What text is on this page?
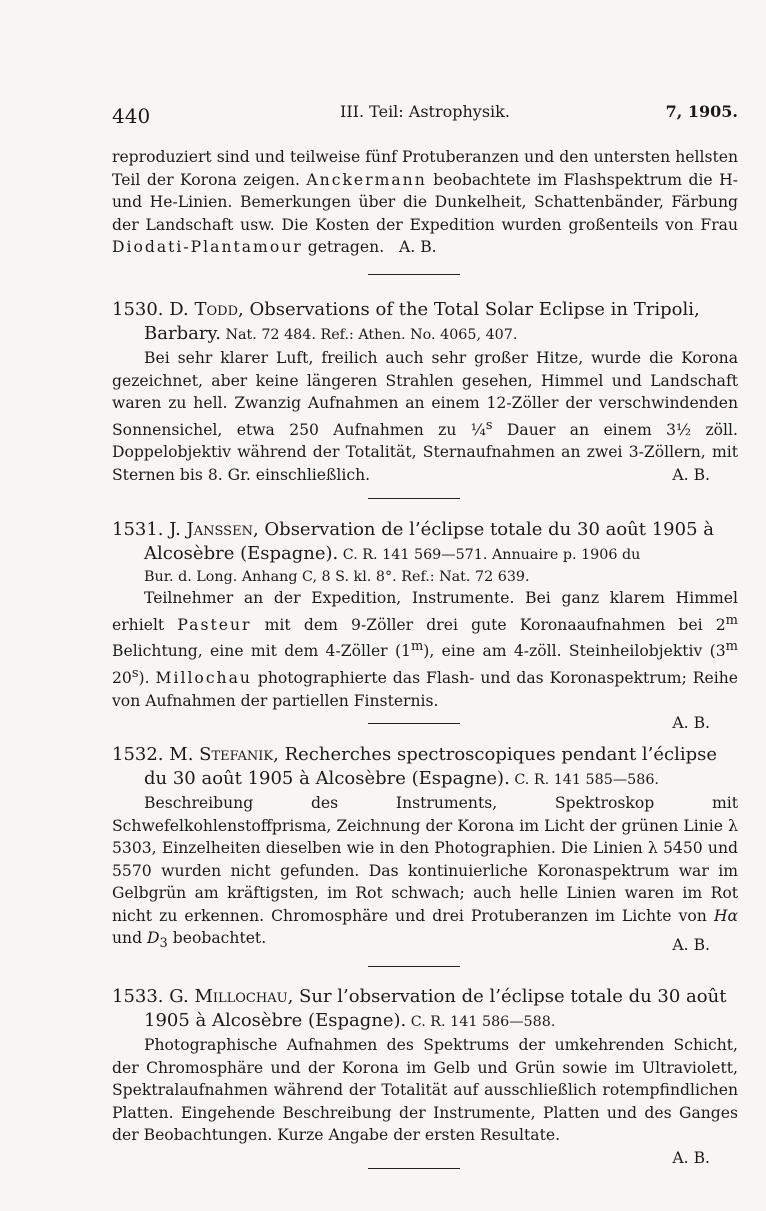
440	III. Teil: Astrophysik.	7, 1905.

reproduziert sind und teilweise fünf Protuberanzen und den untersten hellsten Teil der Korona zeigen. Anckermann beobachtete im Flashspektrum die H- und He-Linien. Bemerkungen über die Dunkelheit, Schattenbänder, Färbung der Landschaft usw. Die Kosten der Expedition wurden großenteils von Frau Diodati-Plantamour getragen. A. B.

1530. D. Todd, Observations of the Total Solar Eclipse in Tripoli, Barbary. Nat. 72 484. Ref.: Athen. No. 4065, 407.

Bei sehr klarer Luft, freilich auch sehr großer Hitze, wurde die Korona gezeichnet, aber keine längeren Strahlen gesehen, Himmel und Landschaft waren zu hell. Zwanzig Aufnahmen an einem 12-Zöller der verschwindenden Sonnensichel, etwa 250 Aufnahmen zu ¼$^s$ Dauer an einem 3½ zöll. Doppelobjektiv während der Totalität, Sternaufnahmen an zwei 3-Zöllern, mit Sternen bis 8. Gr. einschließlich.	A. B.

1531. J. Janssen, Observation de l’éclipse totale du 30 août 1905 à Alcosèbre (Espagne). C. R. 141 569—571. Annuaire p. 1906 du

Bur. d. Long. Anhang C, 8 S. kl. 8°. Ref.: Nat. 72 639.

Teilnehmer an der Expedition, Instrumente. Bei ganz klarem Himmel erhielt Pasteur mit dem 9-Zöller drei gute Koronaaufnahmen bei 2$^m$ Belichtung, eine mit dem 4-Zöller (1$^m$), eine am 4-zöll. Steinheilobjektiv (3$^m$ 20$^s$). Millochau photographierte das Flash- und das Koronaspektrum; Reihe von Aufnahmen der partiellen Finsternis.

A. B.

1532. M. Stefanik, Recherches spectroscopiques pendant l’éclipse du 30 août 1905 à Alcosèbre (Espagne). C. R. 141 585—586.

Beschreibung des Instruments, Spektroskop mit Schwefelkohlenstoffprisma, Zeichnung der Korona im Licht der grünen Linie λ 5303, Einzelheiten dieselben wie in den Photographien. Die Linien λ 5450 und 5570 wurden nicht gefunden. Das kontinuierliche Koronaspektrum war im Gelbgrün am kräftigsten, im Rot schwach; auch helle Linien waren im Rot nicht zu erkennen. Chromosphäre und drei Protuberanzen im Lichte von Hα und $D_3$ beobachtet.	A. B.

1533. G. Millochau, Sur l’observation de l’éclipse totale du 30 août 1905 à Alcosèbre (Espagne). C. R. 141 586—588.

Photographische Aufnahmen des Spektrums der umkehrenden Schicht, der Chromosphäre und der Korona im Gelb und Grün sowie im Ultraviolett, Spektralaufnahmen während der Totalität auf ausschließlich rotempfindlichen Platten. Eingehende Beschreibung der Instrumente, Platten und des Ganges der Beobachtungen. Kurze Angabe der ersten Resultate.

A. B.
